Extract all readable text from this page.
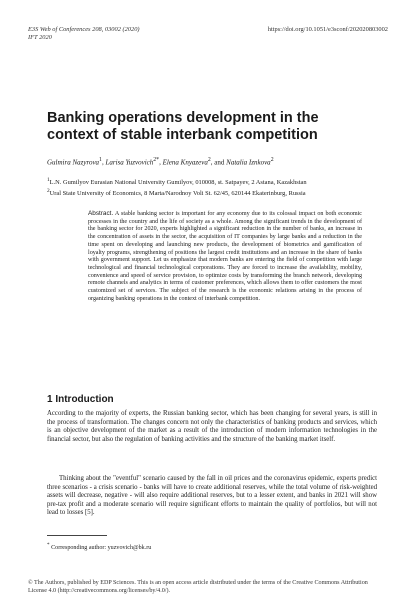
E3S Web of Conferences 208, 03002 (2020)
IFT 2020
https://doi.org/10.1051/e3sconf/202020803002
Banking operations development in the context of stable interbank competition
Gulmira Nazyrova$^1$, Larisa Yuzvovich$^{2*}$, Elena Knyazeva$^2$, and Natalia Iznkova$^2$
$^1$L.N. Gumilyov Eurasian National University Gumilyov, 010008, st. Satpayev, 2 Astana, Kazakhstan
$^2$Ural State University of Economics, 8 Marta/Narodnoy Voli St. 62/45, 620144 Ekaterinburg, Russia
Abstract. A stable banking sector is important for any economy due to its colossal impact on both economic processes in the country and the life of society as a whole. Among the significant trends in the development of the banking sector for 2020, experts highlighted a significant reduction in the number of banks, an increase in the concentration of assets in the sector, the acquisition of IT companies by large banks and a reduction in the time spent on developing and launching new products, the development of biometrics and gamification of loyalty programs, strengthening of positions the largest credit institutions and an increase in the share of banks with government support. Let us emphasize that modern banks are entering the field of competition with large technological and financial technological corporations. They are forced to increase the availability, mobility, convenience and speed of service provision, to optimize costs by transforming the branch network, developing remote channels and analytics in terms of customer preferences, which allows them to offer customers the most customized set of services. The subject of the research is the economic relations arising in the process of organizing banking operations in the context of interbank competition.
1 Introduction
According to the majority of experts, the Russian banking sector, which has been changing for several years, is still in the process of transformation. The changes concern not only the characteristics of banking products and services, which is an objective development of the market as a result of the introduction of modern information technologies in the financial sector, but also the regulation of banking activities and the structure of the banking market itself.
Thinking about the "eventful" scenario caused by the fall in oil prices and the coronavirus epidemic, experts predict three scenarios - a crisis scenario - banks will have to create additional reserves, while the total volume of risk-weighted assets will decrease, negative - will also require additional reserves, but to a lesser extent, and banks in 2021 will show pre-tax profit and a moderate scenario will require significant efforts to maintain the quality of portfolios, but will not lead to losses [5].
* Corresponding author: yuzvovich@bk.ru
© The Authors, published by EDP Sciences. This is an open access article distributed under the terms of the Creative Commons Attribution License 4.0 (http://creativecommons.org/licenses/by/4.0/).
